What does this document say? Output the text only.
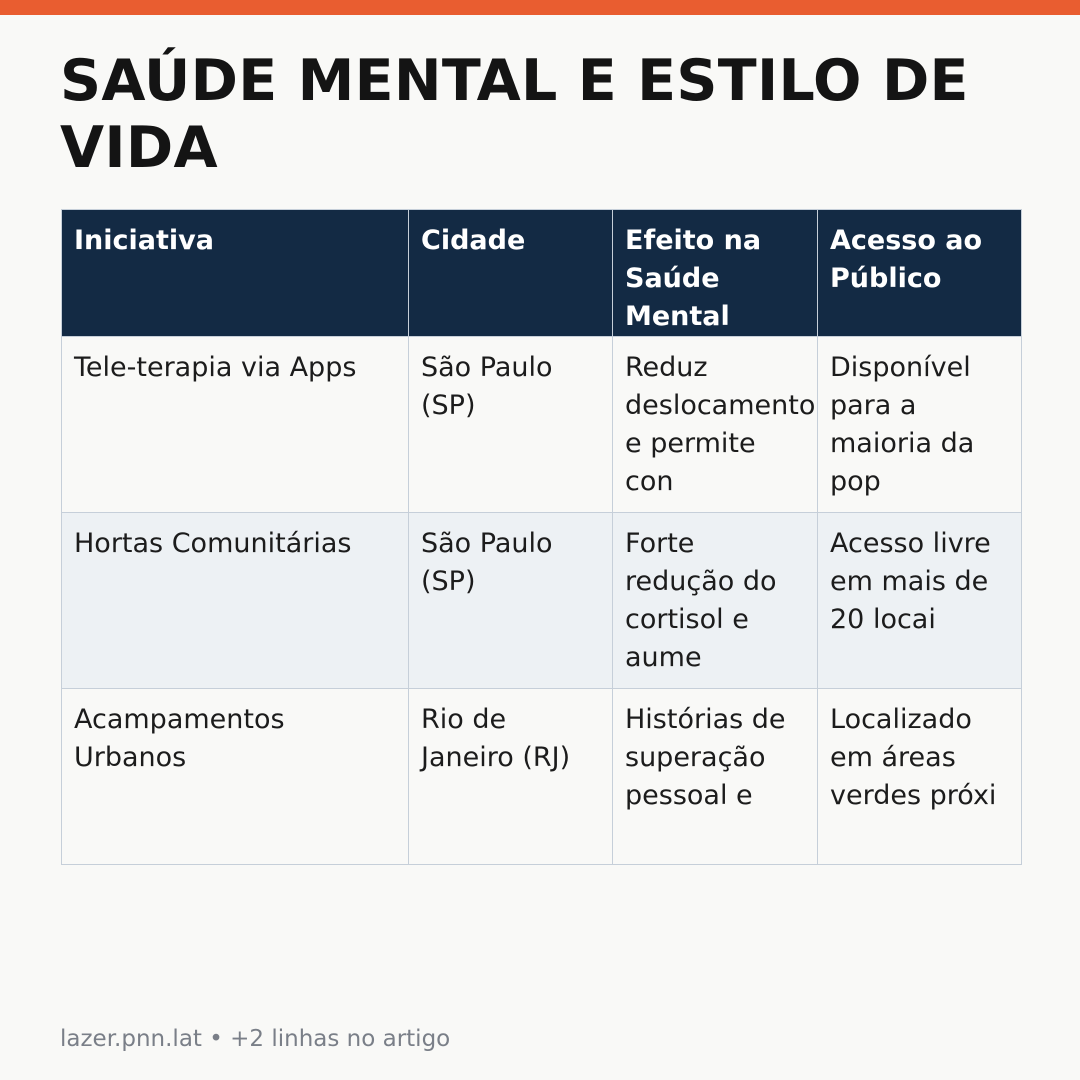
SAÚDE MENTAL E ESTILO DE VIDA
Iniciativa	Cidade	Efeito na Saúde Mental	Acesso ao Público
Tele-terapia via Apps	São Paulo (SP)	Reduz deslocamento e permite con	Disponível para a maioria da pop
Hortas Comunitárias	São Paulo (SP)	Forte redução do cortisol e aume	Acesso livre em mais de 20 locai
Acampamentos Urbanos	Rio de Janeiro (RJ)	Histórias de superação pessoal e	Localizado em áreas verdes próxi
lazer.pnn.lat • +2 linhas no artigo
